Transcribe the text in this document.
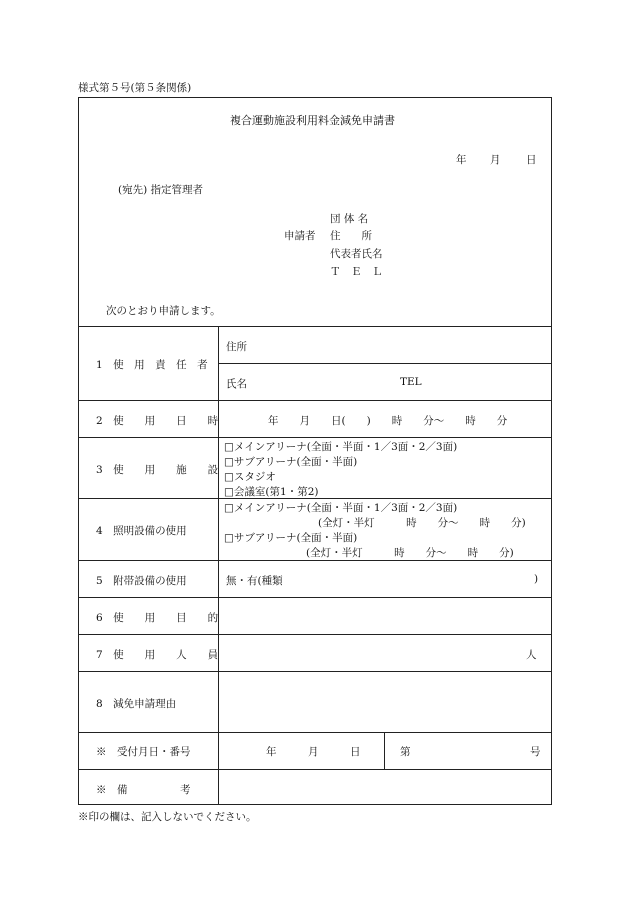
様式第５号(第５条関係)
複合運動施設利用料金減免申請書
年 月 日
(宛先) 指定管理者
団 体 名
申請者 住　　所
代表者氏名
Ｔ　Ｅ　Ｌ
次のとおり申請します。
1　使　用　責　任　者
住所
氏名	TEL
2　使　　用　　日　　時	年　　月　　日(　　)　　時　　分〜　　時　　分
3　使　　用　　施　　設
□メインアリーナ(全面・半面・1／3面・2／3面)
□サブアリーナ(全面・半面)
□スタジオ
□会議室(第1・第2)
4　照明設備の使用
□メインアリーナ(全面・半面・1／3面・2／3面)
(全灯・半灯　　　時　　分〜　　時　　分)
□サブアリーナ(全面・半面)
(全灯・半灯　　　時　　分〜　　時　　分)
5　附帯設備の使用	無・有(種類	)
6　使　　用　　目　　的
7　使　　用　　人　　員	人
8　減免申請理由
※　受付月日・番号	年　　　月　　　日	第	号
※　備　　　　　考
※印の欄は、記入しないでください。
